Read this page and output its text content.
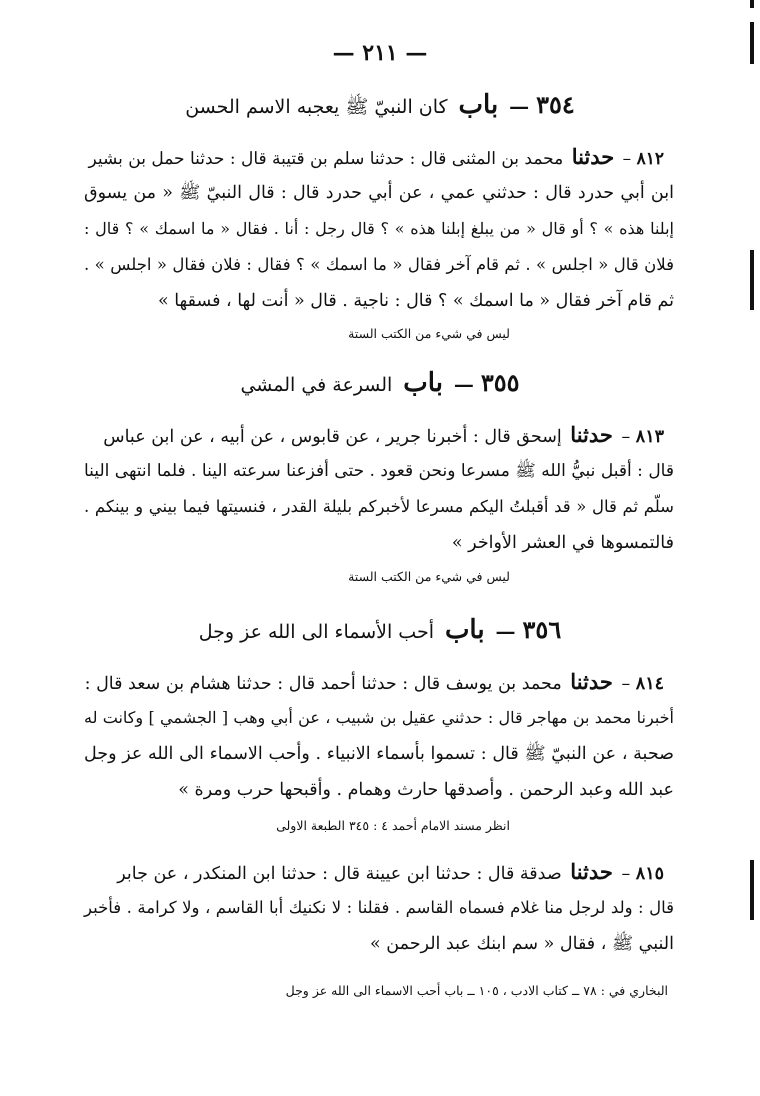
— ٢١١ —
٣٥٤ — باب كان النبيّ ﷺ يعجبه الاسم الحسن
٨١٢ – حدثنا محمد بن المثنى قال : حدثنا سلم بن قتيبة قال : حدثنا حمل بن بشير
ابن أبي حدرد قال : حدثني عمي ، عن أبي حدرد قال : قال النبيّ ﷺ « من يسوق
إبلنا هذه » ؟ أو قال « من يبلغ إبلنا هذه » ؟ قال رجل : أنا . فقال « ما اسمك » ؟ قال :
فلان قال « اجلس » . ثم قام آخر فقال « ما اسمك » ؟ فقال : فلان فقال « اجلس » .
ثم قام آخر فقال « ما اسمك » ؟ قال : ناجية . قال « أنت لها ، فسقها »
ليس في شيء من الكتب الستة
٣٥٥ — باب السرعة في المشي
٨١٣ – حدثنا إسحق قال : أخبرنا جرير ، عن قابوس ، عن أبيه ، عن ابن عباس
قال : أقبل نبيُّ الله ﷺ مسرعا ونحن قعود . حتى أفزعنا سرعته الينا . فلما انتهى الينا
سلّم ثم قال « قد أقبلتُ اليكم مسرعا لأخبركم بليلة القدر ، فنسيتها فيما بيني و بينكم .
فالتمسوها في العشر الأواخر »
ليس في شيء من الكتب الستة
٣٥٦ — باب أحب الأسماء الى الله عز وجل
٨١٤ – حدثنا محمد بن يوسف قال : حدثنا أحمد قال : حدثنا هشام بن سعد قال :
أخبرنا محمد بن مهاجر قال : حدثني عقيل بن شبيب ، عن أبي وهب [ الجشمي ] وكانت له
صحبة ، عن النبيّ ﷺ قال : تسموا بأسماء الانبياء . وأحب الاسماء الى الله عز وجل
عبد الله وعبد الرحمن . وأصدقها حارث وهمام . وأقبحها حرب ومرة »
انظر مسند الامام أحمد ٤ : ٣٤٥ الطبعة الاولى
٨١٥ – حدثنا صدقة قال : حدثنا ابن عيينة قال : حدثنا ابن المنكدر ، عن جابر
قال : ولد لرجل منا غلام فسماه القاسم . فقلنا : لا نكنيك أبا القاسم ، ولا كرامة . فأخبر
النبي ﷺ ، فقال « سم ابنك عبد الرحمن »
البخاري في : ٧٨ ــ كتاب الادب ، ١٠٥ ــ باب أحب الاسماء الى الله عز وجل
